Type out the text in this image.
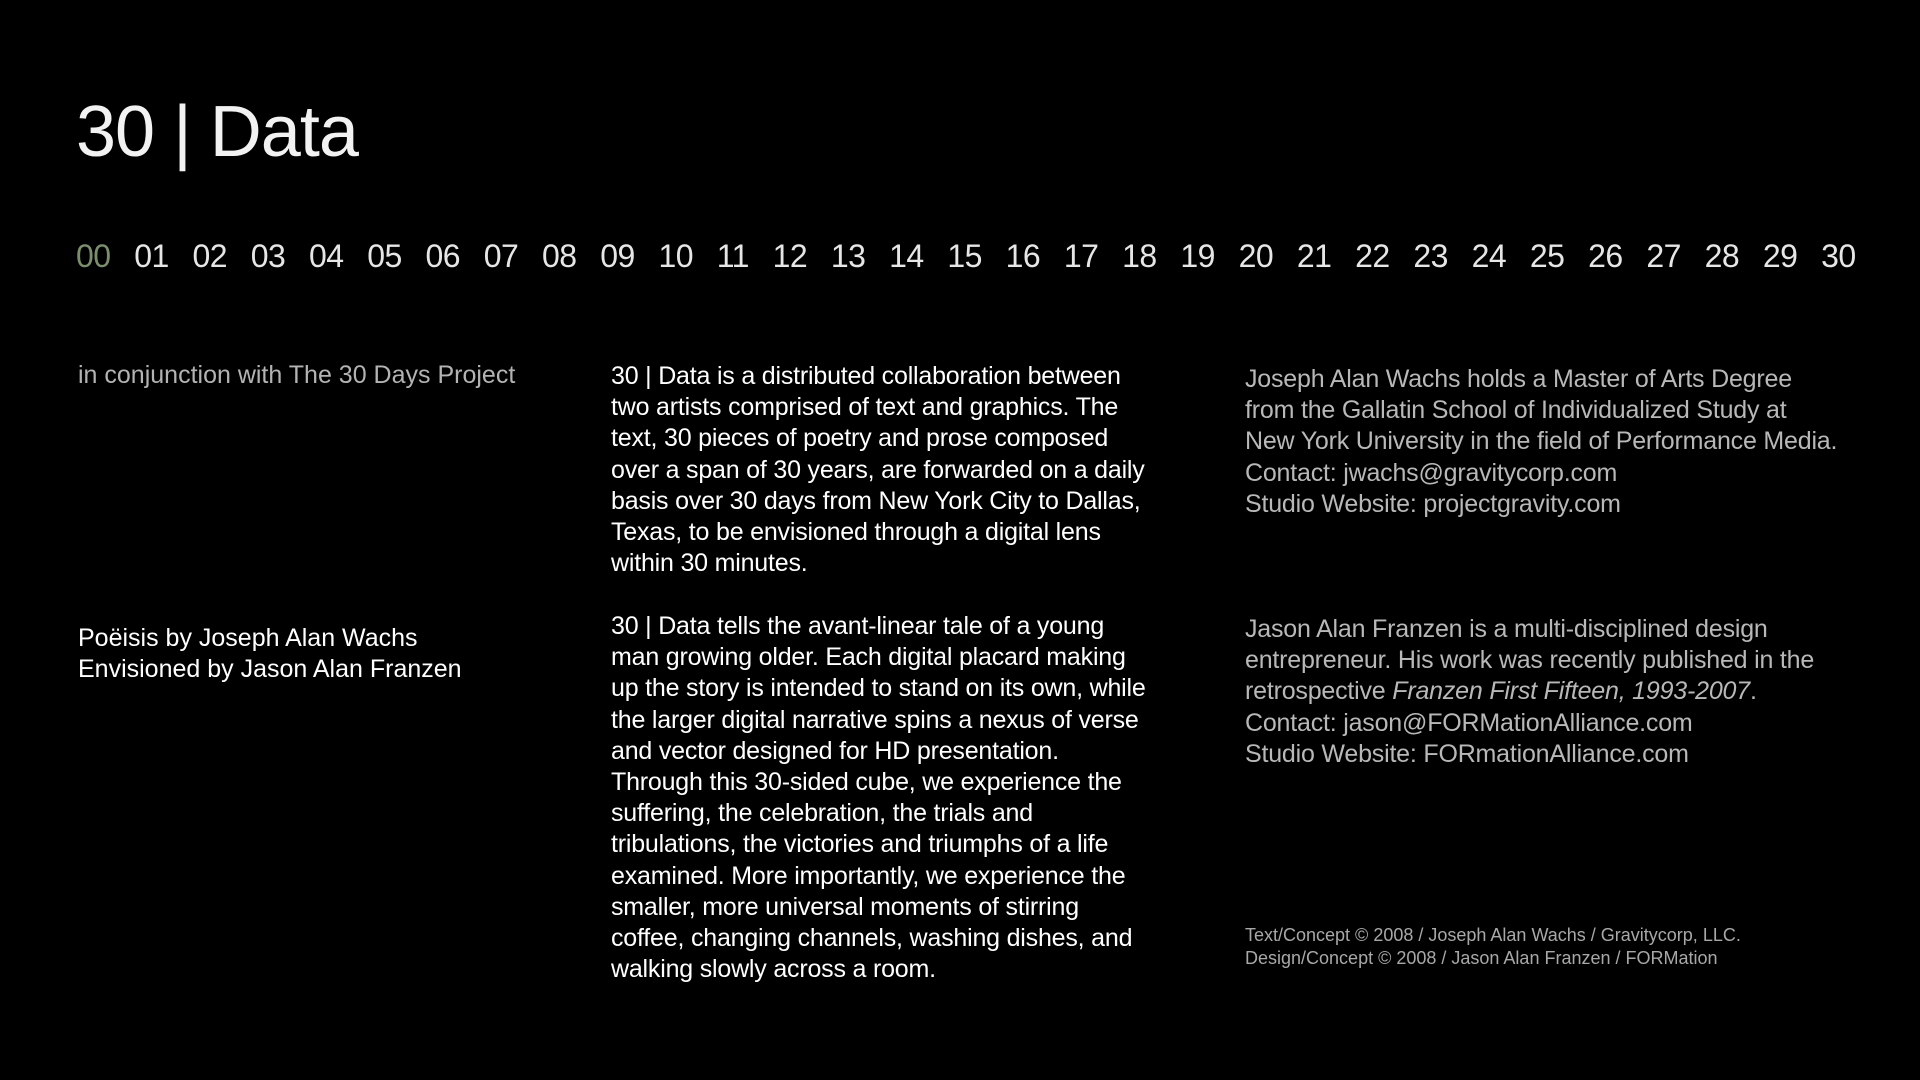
30 | Data
00 01 02 03 04 05 06 07 08 09 10 11 12 13 14 15 16 17 18 19 20 21 22 23 24 25 26 27 28 29 30
in conjunction with The 30 Days Project
Poëisis by Joseph Alan Wachs
Envisioned by Jason Alan Franzen

30 | Data is a distributed collaboration between two artists comprised of text and graphics. The text, 30 pieces of poetry and prose composed over a span of 30 years, are forwarded on a daily basis over 30 days from New York City to Dallas, Texas, to be envisioned through a digital lens within 30 minutes.

30 | Data tells the avant-linear tale of a young man growing older. Each digital placard making up the story is intended to stand on its own, while the larger digital narrative spins a nexus of verse and vector designed for HD presentation. Through this 30-sided cube, we experience the suffering, the celebration, the trials and tribulations, the victories and triumphs of a life examined. More importantly, we experience the smaller, more universal moments of stirring coffee, changing channels, washing dishes, and walking slowly across a room.

Joseph Alan Wachs holds a Master of Arts Degree
from the Gallatin School of Individualized Study at
New York University in the field of Performance Media.
Contact: jwachs@gravitycorp.com
Studio Website: projectgravity.com
Jason Alan Franzen is a multi-disciplined design
entrepreneur. His work was recently published in the
retrospective Franzen First Fifteen, 1993-2007.
Contact: jason@FORMationAlliance.com
Studio Website: FORmationAlliance.com
Text/Concept © 2008 / Joseph Alan Wachs / Gravitycorp, LLC.
Design/Concept © 2008 / Jason Alan Franzen / FORMation
